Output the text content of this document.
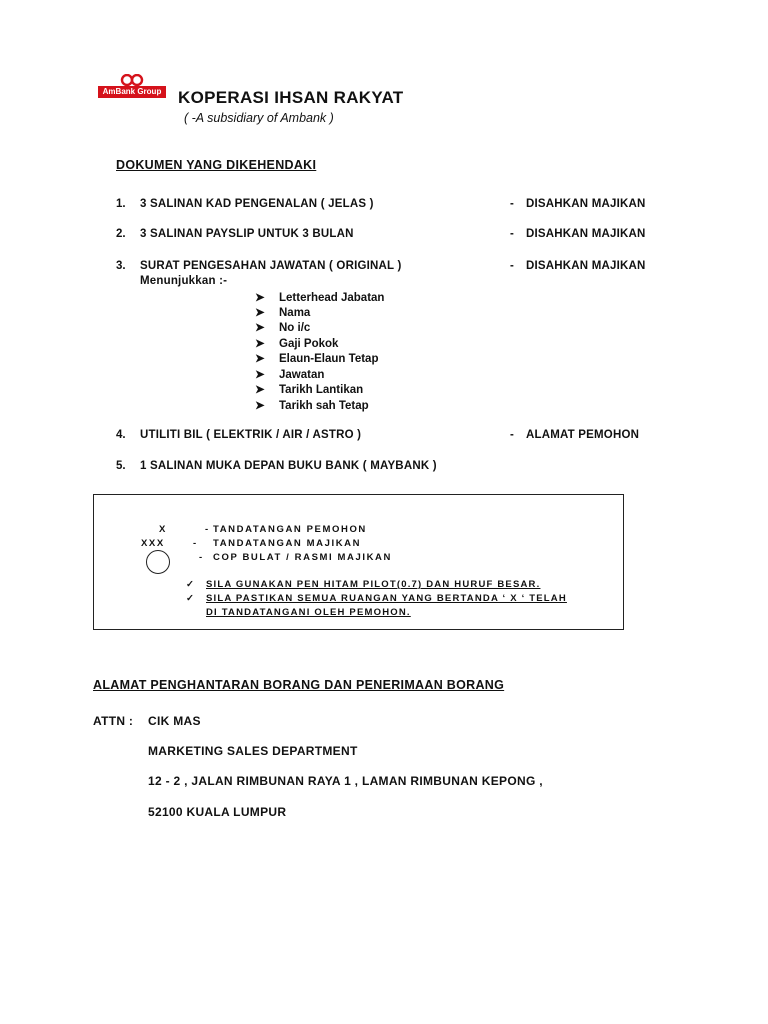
AmBank Group KOPERASI IHSAN RAKYAT
( -A subsidiary of Ambank )
DOKUMEN YANG DIKEHENDAKI
1. 3 SALINAN KAD PENGENALAN ( JELAS )	- DISAHKAN MAJIKAN
2. 3 SALINAN PAYSLIP UNTUK 3 BULAN	- DISAHKAN MAJIKAN
3. SURAT PENGESAHAN JAWATAN ( ORIGINAL )	- DISAHKAN MAJIKAN
Menunjukkan :-
➤ Letterhead Jabatan
➤ Nama
➤ No i/c
➤ Gaji Pokok
➤ Elaun-Elaun Tetap
➤ Jawatan
➤ Tarikh Lantikan
➤ Tarikh sah Tetap
4. UTILITI BIL ( ELEKTRIK / AIR / ASTRO )	- ALAMAT PEMOHON
5. 1 SALINAN MUKA DEPAN BUKU BANK ( MAYBANK )
X	- TANDATANGAN PEMOHON
XXX	- TANDATANGAN MAJIKAN
- COP BULAT / RASMI MAJIKAN
✓ SILA GUNAKAN PEN HITAM PILOT(0.7) DAN HURUF BESAR.
✓ SILA PASTIKAN SEMUA RUANGAN YANG BERTANDA ‘ X ‘ TELAH
DI TANDATANGANI OLEH PEMOHON.
ALAMAT PENGHANTARAN BORANG DAN PENERIMAAN BORANG
ATTN : CIK MAS
MARKETING SALES DEPARTMENT
12 - 2 , JALAN RIMBUNAN RAYA 1 , LAMAN RIMBUNAN KEPONG ,
52100 KUALA LUMPUR
